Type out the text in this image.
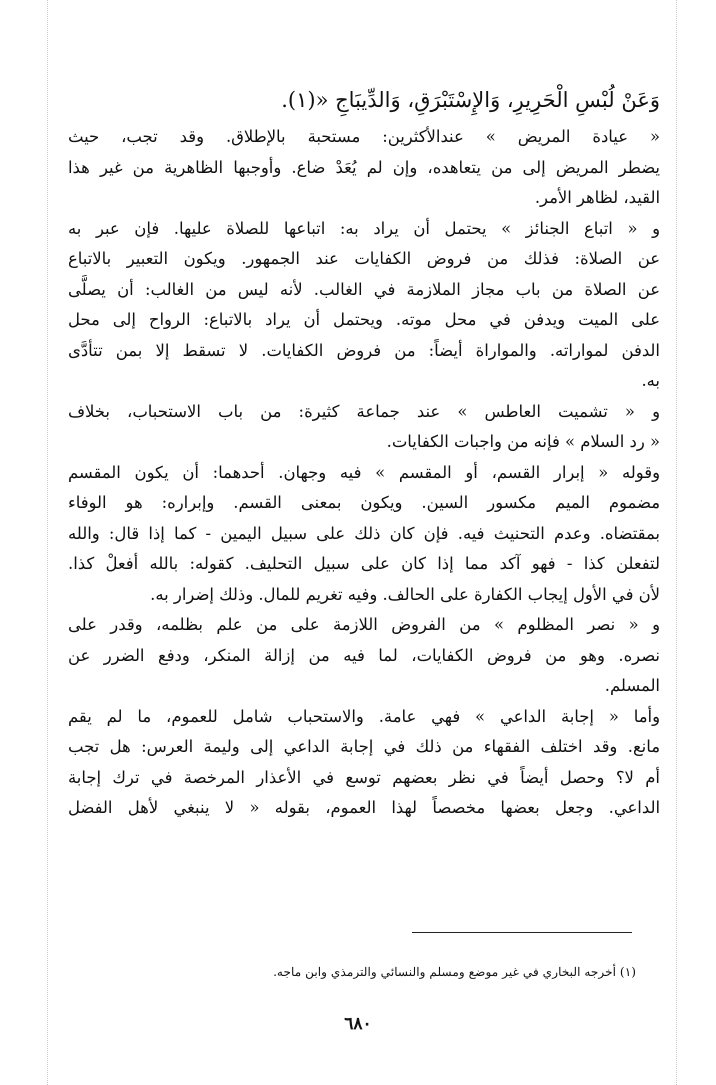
وَعَنْ لُبْسِ الْحَرِيرِ، وَالإِسْتَبْرَقِ، وَالدِّيبَاجِ «(١).
« عيادة المريض » عندالأكثرين: مستحبة بالإطلاق. وقد تجب، حيث
يضطر المريض إلى من يتعاهده، وإن لم يُعَدْ ضاع. وأوجبها الظاهرية من غير هذا
القيد، لظاهر الأمر.
و « اتباع الجنائز » يحتمل أن يراد به: اتباعها للصلاة عليها. فإن عبر به
عن الصلاة: فذلك من فروض الكفايات عند الجمهور. ويكون التعبير بالاتباع
عن الصلاة من باب مجاز الملازمة في الغالب. لأنه ليس من الغالب: أن يصلَّى
على الميت ويدفن في محل موته. ويحتمل أن يراد بالاتباع: الرواح إلى محل
الدفن لمواراته. والمواراة أيضاً: من فروض الكفايات. لا تسقط إلا بمن تتأدَّى
به.
و « تشميت العاطس » عند جماعة كثيرة: من باب الاستحباب، بخلاف
« رد السلام » فإنه من واجبات الكفايات.
وقوله « إبرار القسم، أو المقسم » فيه وجهان. أحدهما: أن يكون المقسم
مضموم الميم مكسور السين. ويكون بمعنى القسم. وإبراره: هو الوفاء
بمقتضاه. وعدم التحنيث فيه. فإن كان ذلك على سبيل اليمين - كما إذا قال: والله
لتفعلن كذا - فهو آكد مما إذا كان على سبيل التحليف. كقوله: بالله أفعلْ كذا.
لأن في الأول إيجاب الكفارة على الحالف. وفيه تغريم للمال. وذلك إضرار به.
و « نصر المظلوم » من الفروض اللازمة على من علم بظلمه، وقدر على
نصره. وهو من فروض الكفايات، لما فيه من إزالة المنكر، ودفع الضرر عن
المسلم.
وأما « إجابة الداعي » فهي عامة. والاستحباب شامل للعموم، ما لم يقم
مانع. وقد اختلف الفقهاء من ذلك في إجابة الداعي إلى وليمة العرس: هل تجب
أم لا؟ وحصل أيضاً في نظر بعضهم توسع في الأعذار المرخصة في ترك إجابة
الداعي. وجعل بعضها مخصصاً لهذا العموم، بقوله « لا ينبغي لأهل الفضل
(١) أخرجه البخاري في غير موضع ومسلم والنسائي والترمذي وابن ماجه.
٦٨٠
